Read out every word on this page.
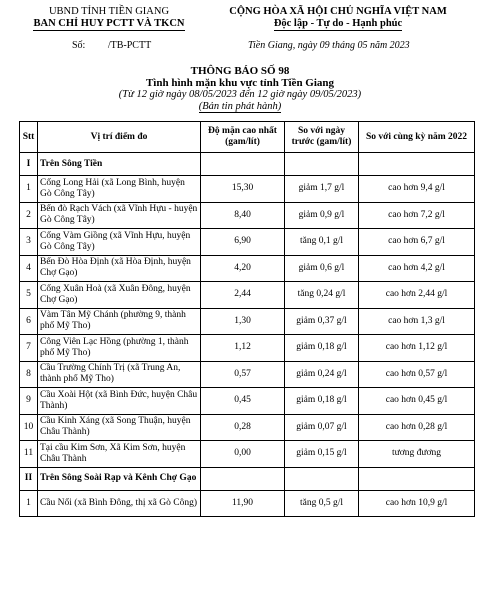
UBND TỈNH TIỀN GIANG
BAN CHỈ HUY PCTT VÀ TKCN
CỘNG HÒA XÃ HỘI CHỦ NGHĨA VIỆT NAM
Độc lập - Tự do - Hạnh phúc
Số: /TB-PCTT	Tiền Giang, ngày 09 tháng 05 năm 2023
THÔNG BÁO SỐ 98
Tình hình mặn khu vực tỉnh Tiền Giang
(Từ 12 giờ ngày 08/05/2023 đến 12 giờ ngày 09/05/2023)
(Bản tin phát hành)
Stt	Vị trí điểm đo	Độ mặn cao nhất (gam/lít)	So với ngày trước (gam/lít)	So với cùng kỳ năm 2022
I	Trên Sông Tiền			
1	Cống Long Hải (xã Long Bình, huyện Gò Công Tây)	15,30	giảm 1,7 g/l	cao hơn 9,4 g/l
2	Bến đò Rạch Vách (xã Vĩnh Hựu - huyện Gò Công Tây)	8,40	giảm 0,9 g/l	cao hơn 7,2 g/l
3	Cống Vàm Giồng (xã Vĩnh Hựu, huyện Gò Công Tây)	6,90	tăng 0,1 g/l	cao hơn 6,7 g/l
4	Bến Đò Hòa Định (xã Hòa Định, huyện Chợ Gạo)	4,20	giảm 0,6 g/l	cao hơn 4,2 g/l
5	Cống Xuân Hoà (xã Xuân Đông, huyện Chợ Gạo)	2,44	tăng 0,24 g/l	cao hơn 2,44 g/l
6	Vàm Tân Mỹ Chánh (phường 9, thành phố Mỹ Tho)	1,30	giảm 0,37 g/l	cao hơn 1,3 g/l
7	Công Viên Lạc Hồng (phường 1, thành phố Mỹ Tho)	1,12	giảm 0,18 g/l	cao hơn 1,12 g/l
8	Cầu Trường Chính Trị (xã Trung An, thành phố Mỹ Tho)	0,57	giảm 0,24 g/l	cao hơn 0,57 g/l
9	Cầu Xoài Hột (xã Bình Đức, huyện Châu Thành)	0,45	giảm 0,18 g/l	cao hơn 0,45 g/l
10	Cầu Kinh Xáng (xã Song Thuận, huyện Châu Thành)	0,28	giảm 0,07 g/l	cao hơn 0,28 g/l
11	Tại cầu Kim Sơn, Xã Kim Sơn, huyện Châu Thành	0,00	giảm 0,15 g/l	tương đương
II	Trên Sông Soài Rạp và Kênh Chợ Gạo			
1	Cầu Nổi (xã Bình Đông, thị xã Gò Công)	11,90	tăng 0,5 g/l	cao hơn 10,9 g/l
